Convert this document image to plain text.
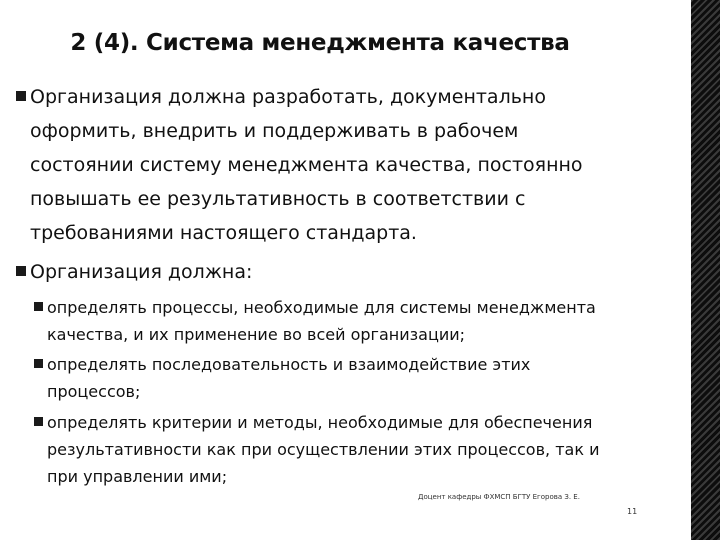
2 (4). Система менеджмента качества
Организация должна разработать, документально
оформить, внедрить и поддерживать в рабочем
состоянии систему менеджмента качества, постоянно
повышать ее результативность в соответствии с
требованиями настоящего стандарта.
Организация должна:
определять процессы, необходимые для системы менеджмента
качества, и их применение во всей организации;
определять последовательность и взаимодействие этих
процессов;
определять критерии и методы, необходимые для обеспечения
результативности как при осуществлении этих процессов, так и
при управлении ими;
Доцент кафедры ФХМСП БГТУ Егорова З. Е.
11
